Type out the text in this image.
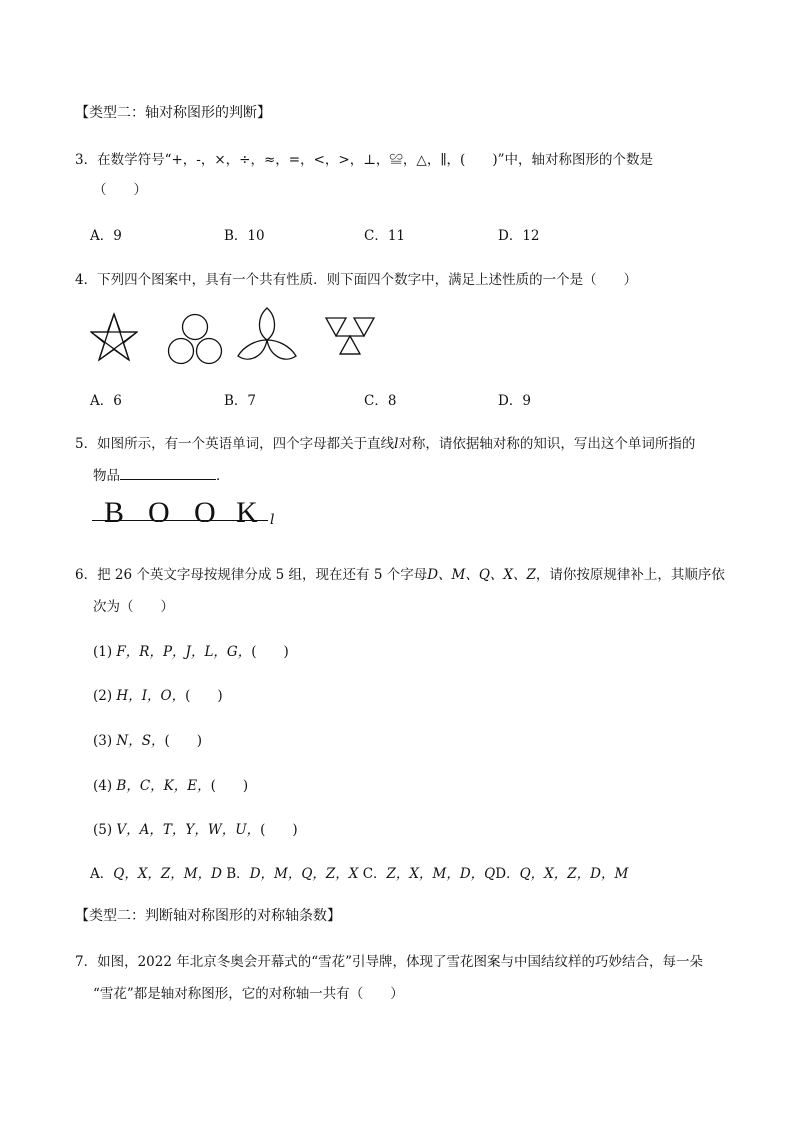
【类型二：轴对称图形的判断】
3．在数学符号“+，-，×，÷，≈，=，<，>，⊥，≌，△，∥，(　　)”中，轴对称图形的个数是
（　　）
A．9	B．10	C．11	D．12
4．下列四个图案中，具有一个共有性质．则下面四个数字中，满足上述性质的一个是（　　）
A．6	B．7	C．8	D．9
5．如图所示，有一个英语单词，四个字母都关于直线l对称，请依据轴对称的知识，写出这个单词所指的
物品	．
B O O K l
6．把 26 个英文字母按规律分成 5 组，现在还有 5 个字母D、M、Q、X、Z，请你按原规律补上，其顺序依
次为（　　）
(1) F，R，P，J，L，G，(　　)
(2) H，I，O，(　　)
(3) N，S，(　　)
(4) B，C，K，E，(　　)
(5) V，A，T，Y，W，U，(　　)
A．Q，X，Z，M，D B．D，M，Q，Z，X C．Z，X，M，D，QD．Q，X，Z，D，M
【类型二：判断轴对称图形的对称轴条数】
7．如图，2022 年北京冬奥会开幕式的“雪花”引导牌，体现了雪花图案与中国结纹样的巧妙结合，每一朵
“雪花”都是轴对称图形，它的对称轴一共有（　　）
